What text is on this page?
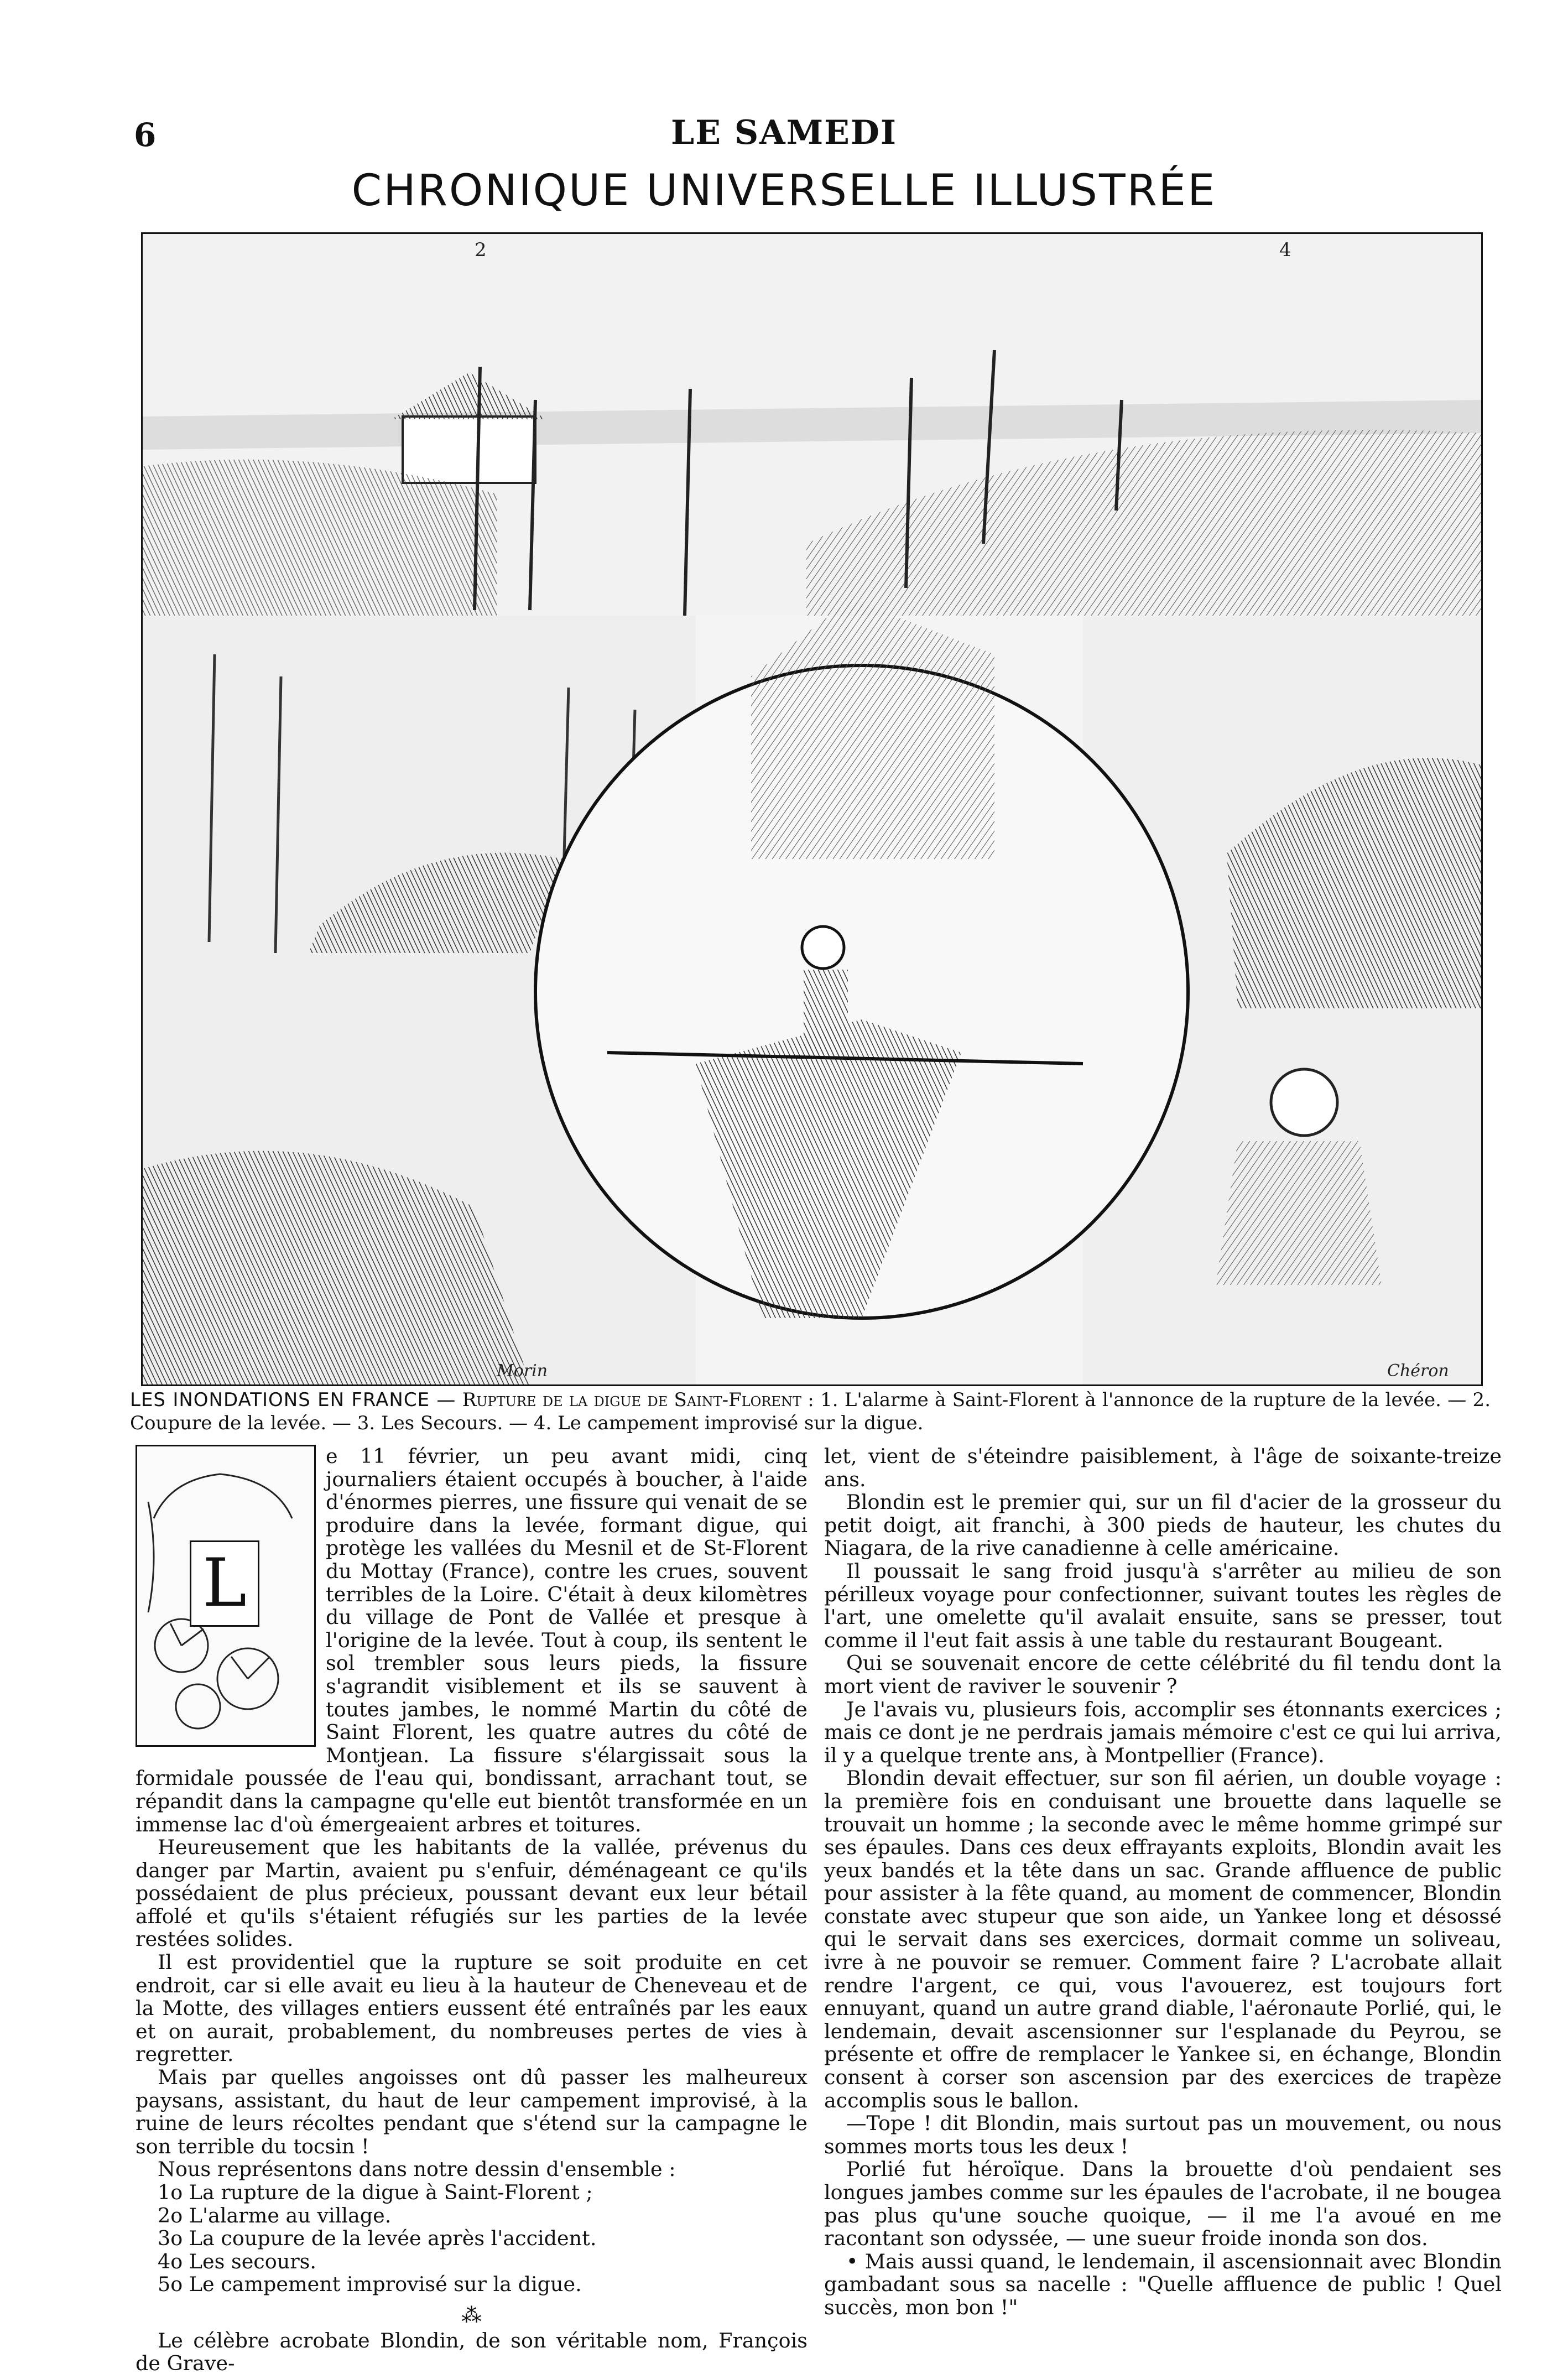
6	LE SAMEDI
CHRONIQUE UNIVERSELLE ILLUSTRÉE
2	4
Morin	Chéron
LES INONDATIONS EN FRANCE — Rupture de la digue de Saint-Florent : 1. L'alarme à Saint-Florent à l'annonce de la rupture de la levée. — 2. Coupure de la levée. — 3. Les Secours. — 4. Le campement improvisé sur la digue.
L

e 11 février, un peu avant midi, cinq journaliers étaient occupés à boucher, à l'aide d'énormes pierres, une fissure qui venait de se produire dans la levée, formant digue, qui protège les vallées du Mesnil et de St-Florent du Mottay (France), contre les crues, souvent terribles de la Loire. C'était à deux kilomètres du village de Pont de Vallée et presque à l'origine de la levée. Tout à coup, ils sentent le sol trembler sous leurs pieds, la fissure s'agrandit visiblement et ils se sauvent à toutes jambes, le nommé Martin du côté de Saint Florent, les quatre autres du côté de Montjean. La fissure s'élargissait sous la formidale poussée de l'eau qui, bondissant, arrachant tout, se répandit dans la campagne qu'elle eut bientôt transformée en un immense lac d'où émergeaient arbres et toitures.

Heureusement que les habitants de la vallée, prévenus du danger par Martin, avaient pu s'enfuir, déménageant ce qu'ils possédaient de plus précieux, poussant devant eux leur bétail affolé et qu'ils s'étaient réfugiés sur les parties de la levée restées solides.

Il est providentiel que la rupture se soit produite en cet endroit, car si elle avait eu lieu à la hauteur de Cheneveau et de la Motte, des villages entiers eussent été entraînés par les eaux et on aurait, probablement, du nombreuses pertes de vies à regretter.

Mais par quelles angoisses ont dû passer les malheureux paysans, assistant, du haut de leur campement improvisé, à la ruine de leurs récoltes pendant que s'étend sur la campagne le son terrible du tocsin !

Nous représentons dans notre dessin d'ensemble :

1o La rupture de la digue à Saint-Florent ;
2o L'alarme au village.
3o La coupure de la levée après l'accident.
4o Les secours.
5o Le campement improvisé sur la digue.
⁂

Le célèbre acrobate Blondin, de son véritable nom, François de Grave-

let, vient de s'éteindre paisiblement, à l'âge de soixante-treize ans.

Blondin est le premier qui, sur un fil d'acier de la grosseur du petit doigt, ait franchi, à 300 pieds de hauteur, les chutes du Niagara, de la rive canadienne à celle américaine.

Il poussait le sang froid jusqu'à s'arrêter au milieu de son périlleux voyage pour confectionner, suivant toutes les règles de l'art, une omelette qu'il avalait ensuite, sans se presser, tout comme il l'eut fait assis à une table du restaurant Bougeant.

Qui se souvenait encore de cette célébrité du fil tendu dont la mort vient de raviver le souvenir ?

Je l'avais vu, plusieurs fois, accomplir ses étonnants exercices ; mais ce dont je ne perdrais jamais mémoire c'est ce qui lui arriva, il y a quelque trente ans, à Montpellier (France).

Blondin devait effectuer, sur son fil aérien, un double voyage : la première fois en conduisant une brouette dans laquelle se trouvait un homme ; la seconde avec le même homme grimpé sur ses épaules. Dans ces deux effrayants exploits, Blondin avait les yeux bandés et la tête dans un sac. Grande affluence de public pour assister à la fête quand, au moment de commencer, Blondin constate avec stupeur que son aide, un Yankee long et désossé qui le servait dans ses exercices, dormait comme un soliveau, ivre à ne pouvoir se remuer. Comment faire ? L'acrobate allait rendre l'argent, ce qui, vous l'avouerez, est toujours fort ennuyant, quand un autre grand diable, l'aéronaute Porlié, qui, le lendemain, devait ascensionner sur l'esplanade du Peyrou, se présente et offre de remplacer le Yankee si, en échange, Blondin consent à corser son ascension par des exercices de trapèze accomplis sous le ballon.

—Tope ! dit Blondin, mais surtout pas un mouvement, ou nous sommes morts tous les deux !

Porlié fut héroïque. Dans la brouette d'où pendaient ses longues jambes comme sur les épaules de l'acrobate, il ne bougea pas plus qu'une souche quoique, — il me l'a avoué en me racontant son odyssée, — une sueur froide inonda son dos.

• Mais aussi quand, le lendemain, il ascensionnait avec Blondin gambadant sous sa nacelle : "Quelle affluence de public ! Quel succès, mon bon !"
